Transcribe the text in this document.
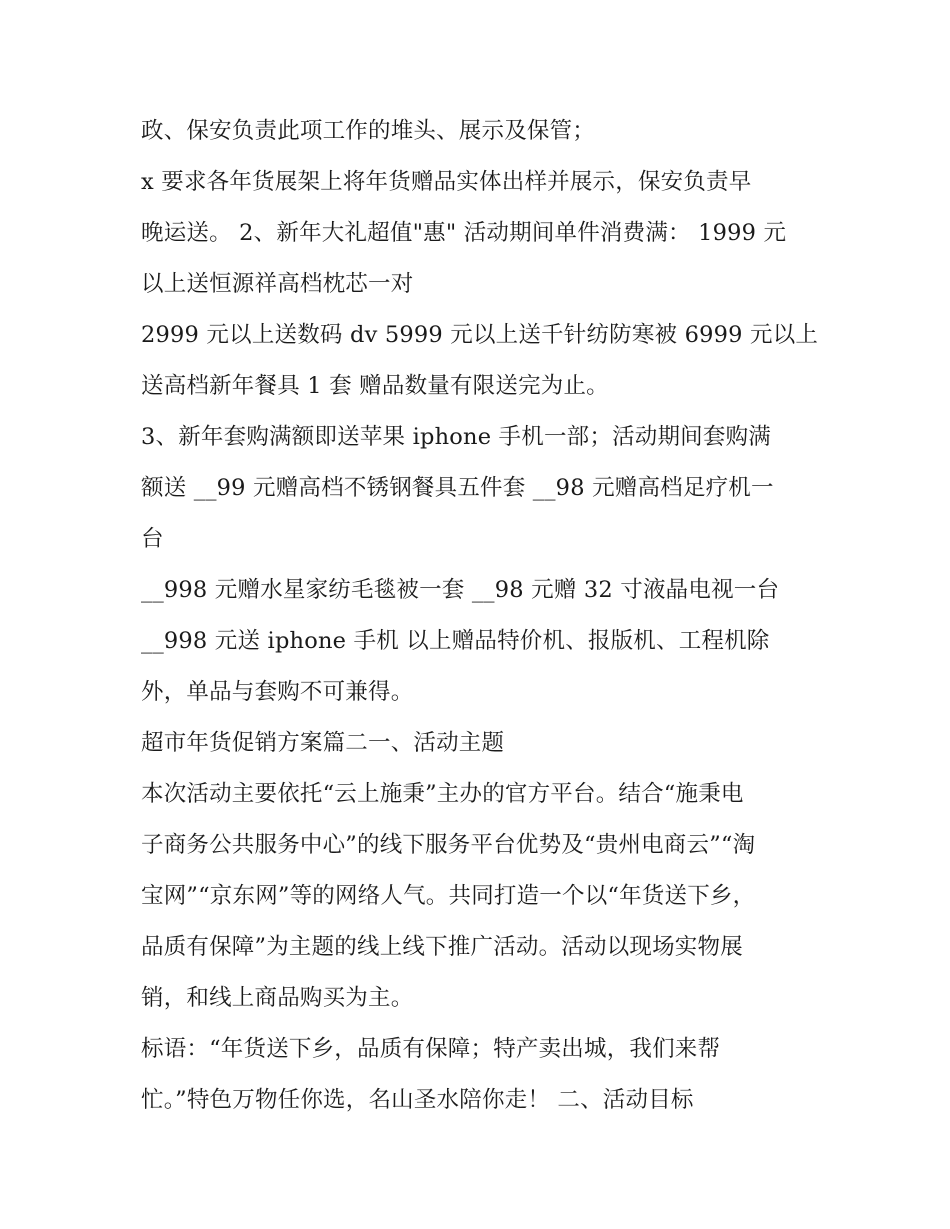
政、保安负责此项工作的堆头、展示及保管；

x 要求各年货展架上将年货赠品实体出样并展示，保安负责早

晚运送。 2、新年大礼超值"惠" 活动期间单件消费满： 1999 元

以上送恒源祥高档枕芯一对

2999 元以上送数码 dv 5999 元以上送千针纺防寒被 6999 元以上

送高档新年餐具 1 套 赠品数量有限送完为止。

3、新年套购满额即送苹果 iphone 手机一部；活动期间套购满

额送 __99 元赠高档不锈钢餐具五件套 __98 元赠高档足疗机一

台

__998 元赠水星家纺毛毯被一套 __98 元赠 32 寸液晶电视一台

__998 元送 iphone 手机 以上赠品特价机、报版机、工程机除

外，单品与套购不可兼得。

超市年货促销方案篇二一、活动主题

本次活动主要依托“云上施秉”主办的官方平台。结合“施秉电

子商务公共服务中心”的线下服务平台优势及“贵州电商云”“淘

宝网”“京东网”等的网络人气。共同打造一个以“年货送下乡，

品质有保障”为主题的线上线下推广活动。活动以现场实物展

销，和线上商品购买为主。

标语：“年货送下乡，品质有保障；特产卖出城，我们来帮

忙。”特色万物任你选，名山圣水陪你走！ 二、活动目标
